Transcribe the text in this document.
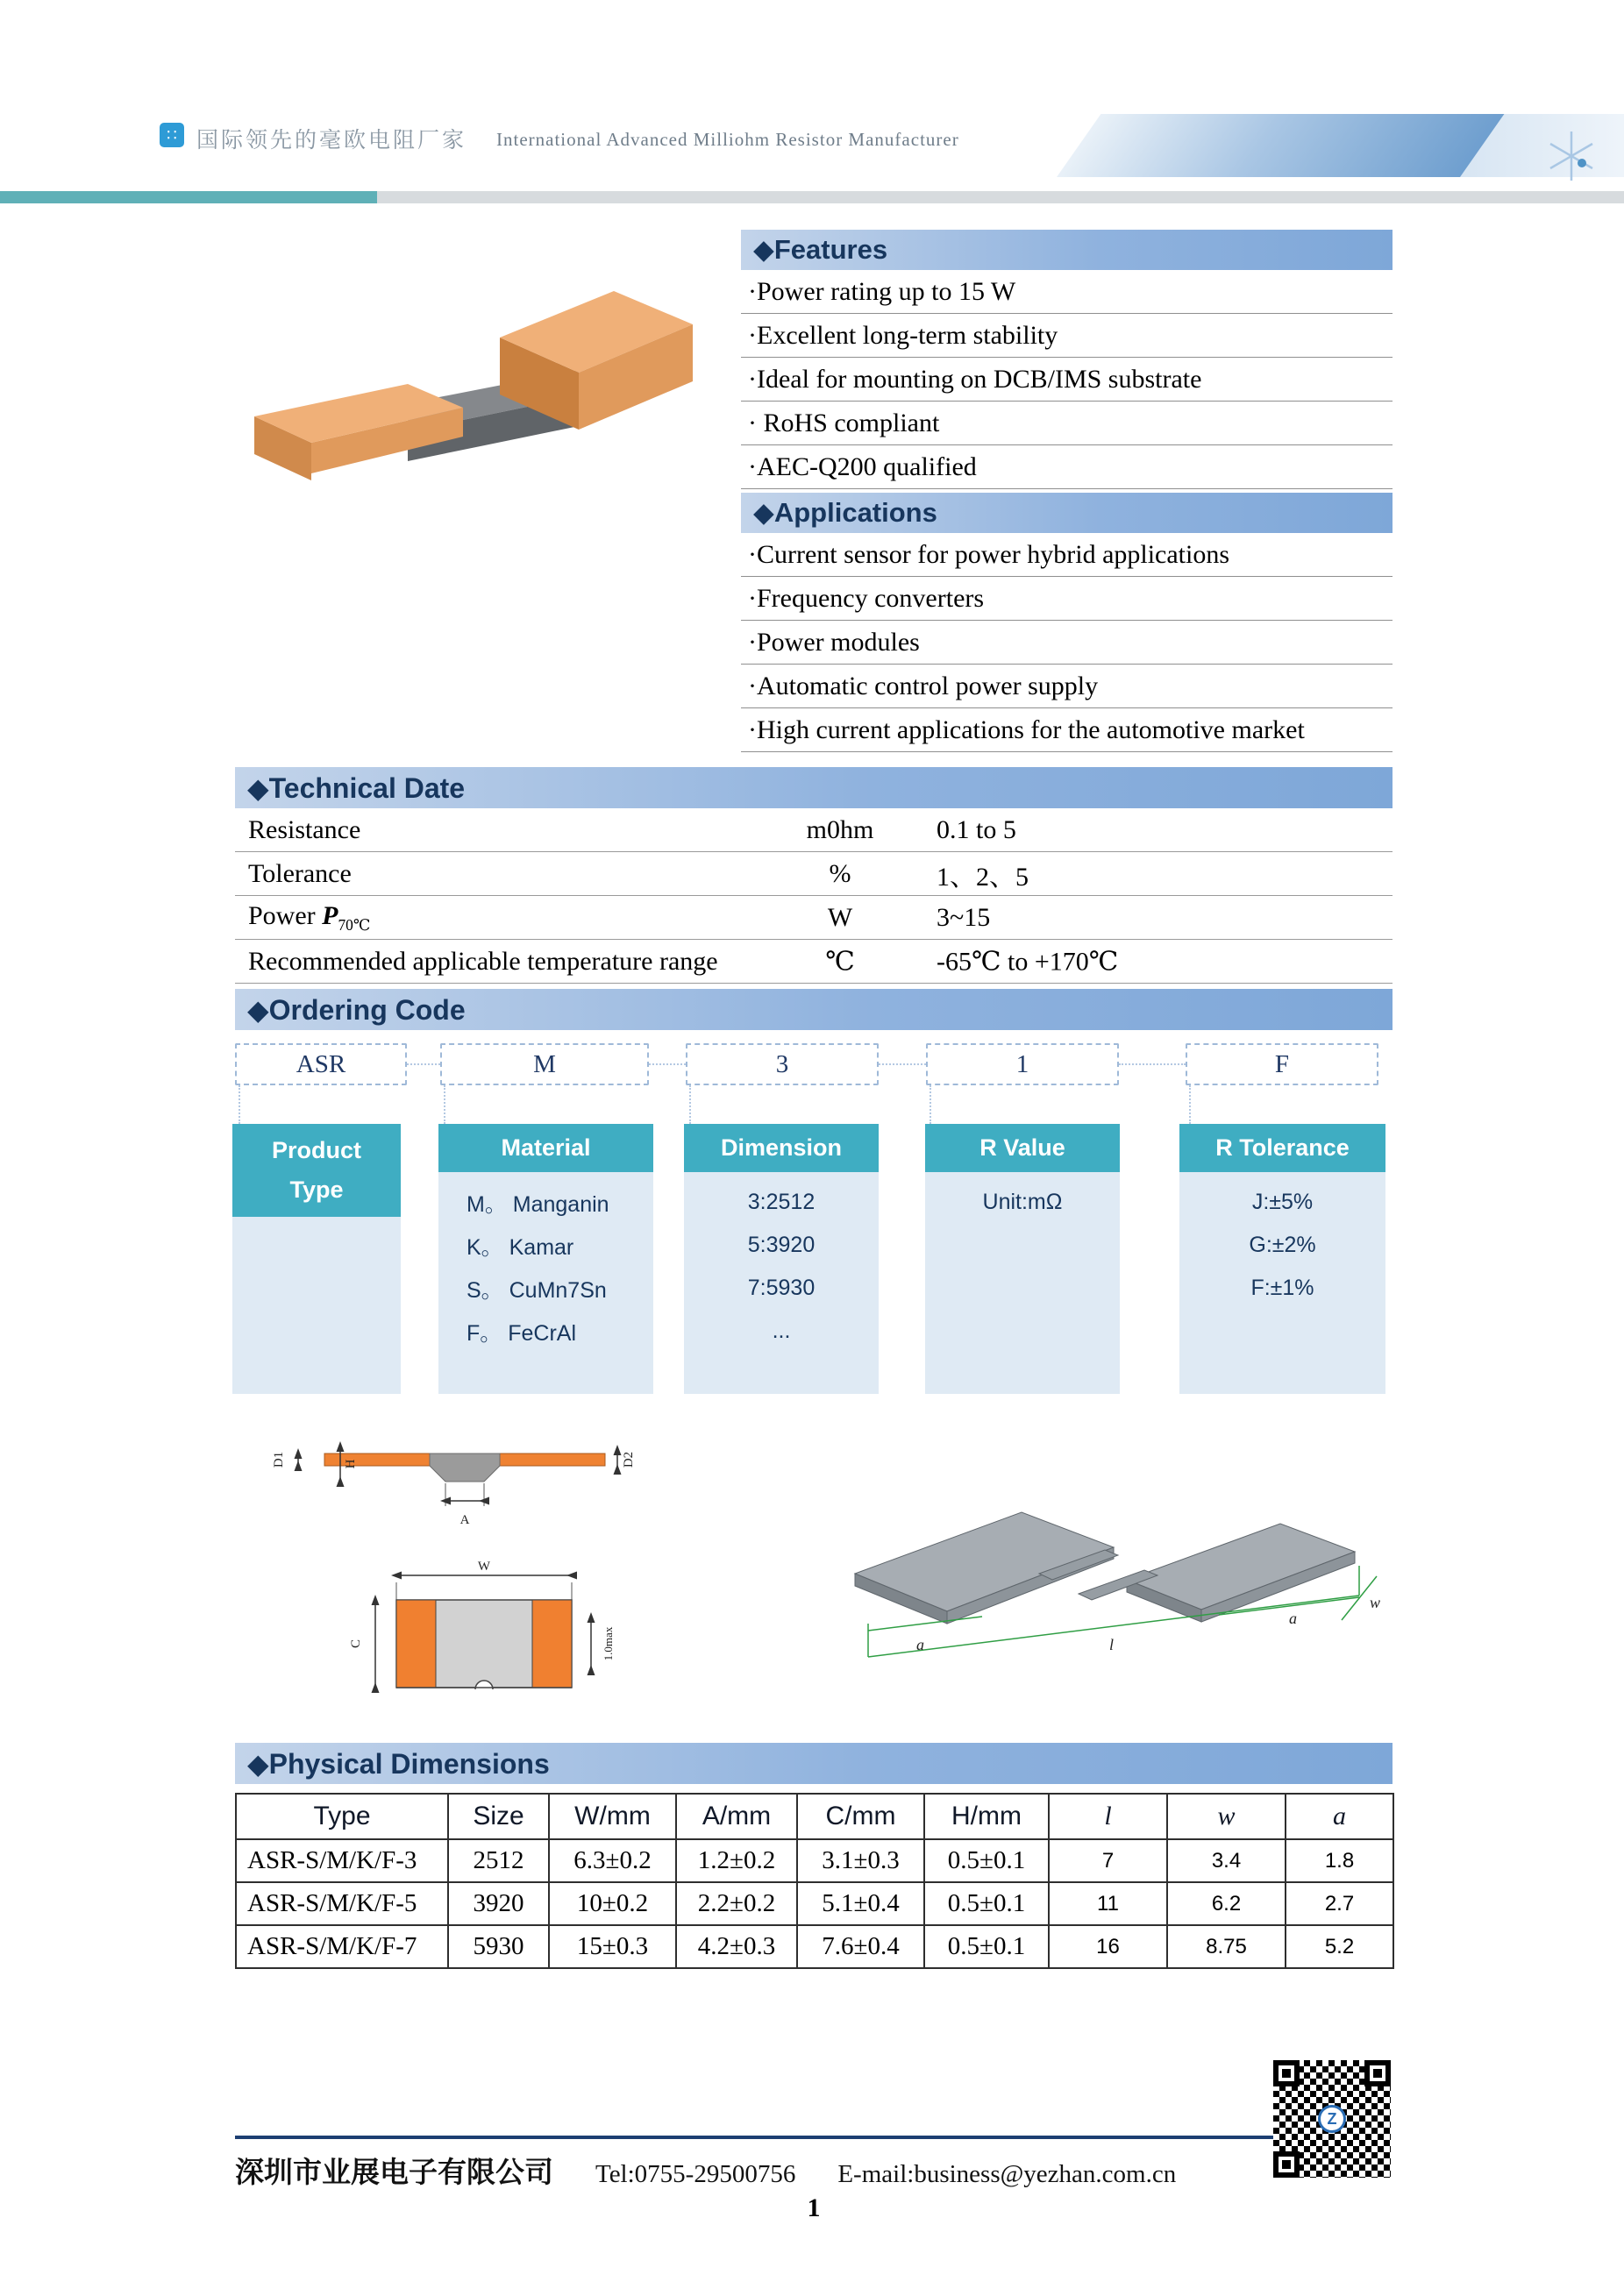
∷
国际领先的毫欧电阻厂家 International Advanced Milliohm Resistor Manufacturer
◆Features
·Power rating up to 15 W
·Excellent long-term stability
·Ideal for mounting on DCB/IMS substrate
· RoHS compliant
·AEC-Q200 qualified
◆Applications
·Current sensor for power hybrid applications
·Frequency converters
·Power modules
·Automatic control power supply
·High current applications for the automotive market
◆Technical Date
Resistance	m0hm	0.1 to 5
Tolerance	%	1、2、5
Power $P_{70℃}$	W	3~15
Recommended applicable temperature range	℃	-65℃ to +170℃
◆Ordering Code
ASR	M	3	1	F
Product
Type
Material
M。 Manganin
K。 Kamar
S。 CuMn7Sn
F。 FeCrAl
Dimension
3:2512
5:3920
7:5930
...
R Value
Unit:mΩ
R Tolerance
J:±5%
G:±2%
F:±1%
D1	H
A
D2
W
C	1.0max	a	l
a
w
◆Physical Dimensions
Type	Size	W/mm	A/mm	C/mm	H/mm	l	w	a
ASR-S/M/K/F-3	2512	6.3±0.2	1.2±0.2	3.1±0.3	0.5±0.1	7	3.4	1.8
ASR-S/M/K/F-5	3920	10±0.2	2.2±0.2	5.1±0.4	0.5±0.1	11	6.2	2.7
ASR-S/M/K/F-7	5930	15±0.3	4.2±0.3	7.6±0.4	0.5±0.1	16	8.75	5.2
深圳市业展电子有限公司 Tel:0755-29500756 E-mail:business@yezhan.com.cn
1
Z
